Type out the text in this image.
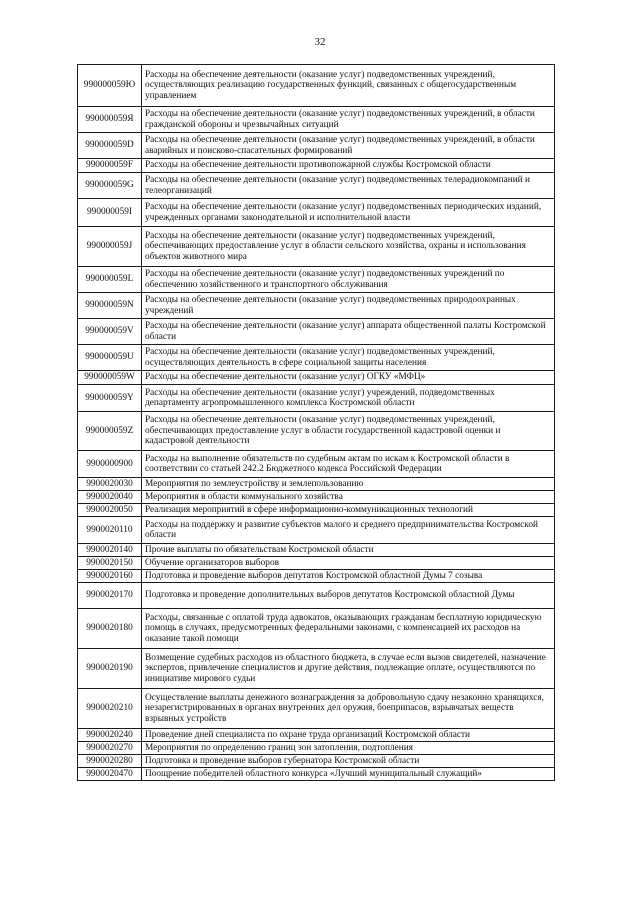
32
990000059Ю	Расходы на обеспечение деятельности (оказание услуг) подведомственных учреждений, осуществляющих реализацию государственных функций, связанных с общегосударственным управлением
990000059Я	Расходы на обеспечение деятельности (оказание услуг) подведомственных учреждений, в области гражданской обороны и чрезвычайных ситуаций
990000059D	Расходы на обеспечение деятельности (оказание услуг) подведомственных учреждений, в области аварийных и поисково-спасательных формирований
990000059F	Расходы на обеспечение деятельности противопожарной службы Костромской области
990000059G	Расходы на обеспечение деятельности (оказание услуг) подведомственных телерадиокомпаний и телеорганизаций
990000059I	Расходы на обеспечение деятельности (оказание услуг) подведомственных периодических изданий, учрежденных органами законодательной и исполнительной власти
990000059J	Расходы на обеспечение деятельности (оказание услуг) подведомственных учреждений, обеспечивающих предоставление услуг в области сельского хозяйства, охраны и использования объектов животного мира
990000059L	Расходы на обеспечение деятельности (оказание услуг) подведомственных учреждений по обеспечению хозяйственного и транспортного обслуживания
990000059N	Расходы на обеспечение деятельности (оказание услуг) подведомственных природоохранных учреждений
990000059V	Расходы на обеспечение деятельности (оказание услуг) аппарата общественной палаты Костромской области
990000059U	Расходы на обеспечение деятельности (оказание услуг) подведомственных учреждений, осуществляющих деятельность в сфере социальной защиты населения
990000059W	Расходы на обеспечение деятельности (оказание услуг) ОГКУ «МФЦ»
990000059Y	Расходы на обеспечение деятельности (оказание услуг) учреждений, подведомственных департаменту агропромышленного комплекса Костромской области
990000059Z	Расходы на обеспечение деятельности (оказание услуг) подведомственных учреждений, обеспечивающих предоставление услуг в области государственной кадастровой оценки и кадастровой деятельности
9900000900	Расходы на выполнение обязательств по судебным актам по искам к Костромской области в соответствии со статьей 242.2 Бюджетного кодекса Российской Федерации
9900020030	Мероприятия по землеустройству и землепользованию
9900020040	Мероприятия в области коммунального хозяйства
9900020050	Реализация мероприятий в сфере информационно-коммуникационных технологий
9900020110	Расходы на поддержку и развитие субъектов малого и среднего предпринимательства Костромской области
9900020140	Прочие выплаты по обязательствам Костромской области
9900020150	Обучение организаторов выборов
9900020160	Подготовка и проведение выборов депутатов Костромской областной Думы 7 созыва
9900020170	Подготовка и проведение дополнительных выборов депутатов Костромской областной Думы
9900020180	Расходы, связанные с оплатой труда адвокатов, оказывающих гражданам бесплатную юридическую помощь в случаях, предусмотренных федеральными законами, с компенсацией их расходов на оказание такой помощи
9900020190	Возмещение судебных расходов из областного бюджета, в случае если вызов свидетелей, назначение экспертов, привлечение специалистов и другие действия, подлежащие оплате, осуществляются по инициативе мирового судьи
9900020210	Осуществление выплаты денежного вознаграждения за добровольную сдачу незаконно хранящихся, незарегистрированных в органах внутренних дел оружия, боеприпасов, взрывчатых веществ взрывных устройств
9900020240	Проведение дней специалиста по охране труда организаций Костромской области
9900020270	Мероприятия по определению границ зон затопления, подтопления
9900020280	Подготовка и проведение выборов губернатора Костромской области
9900020470	Поощрение победителей областного конкурса «Лучший муниципальный служащий»
